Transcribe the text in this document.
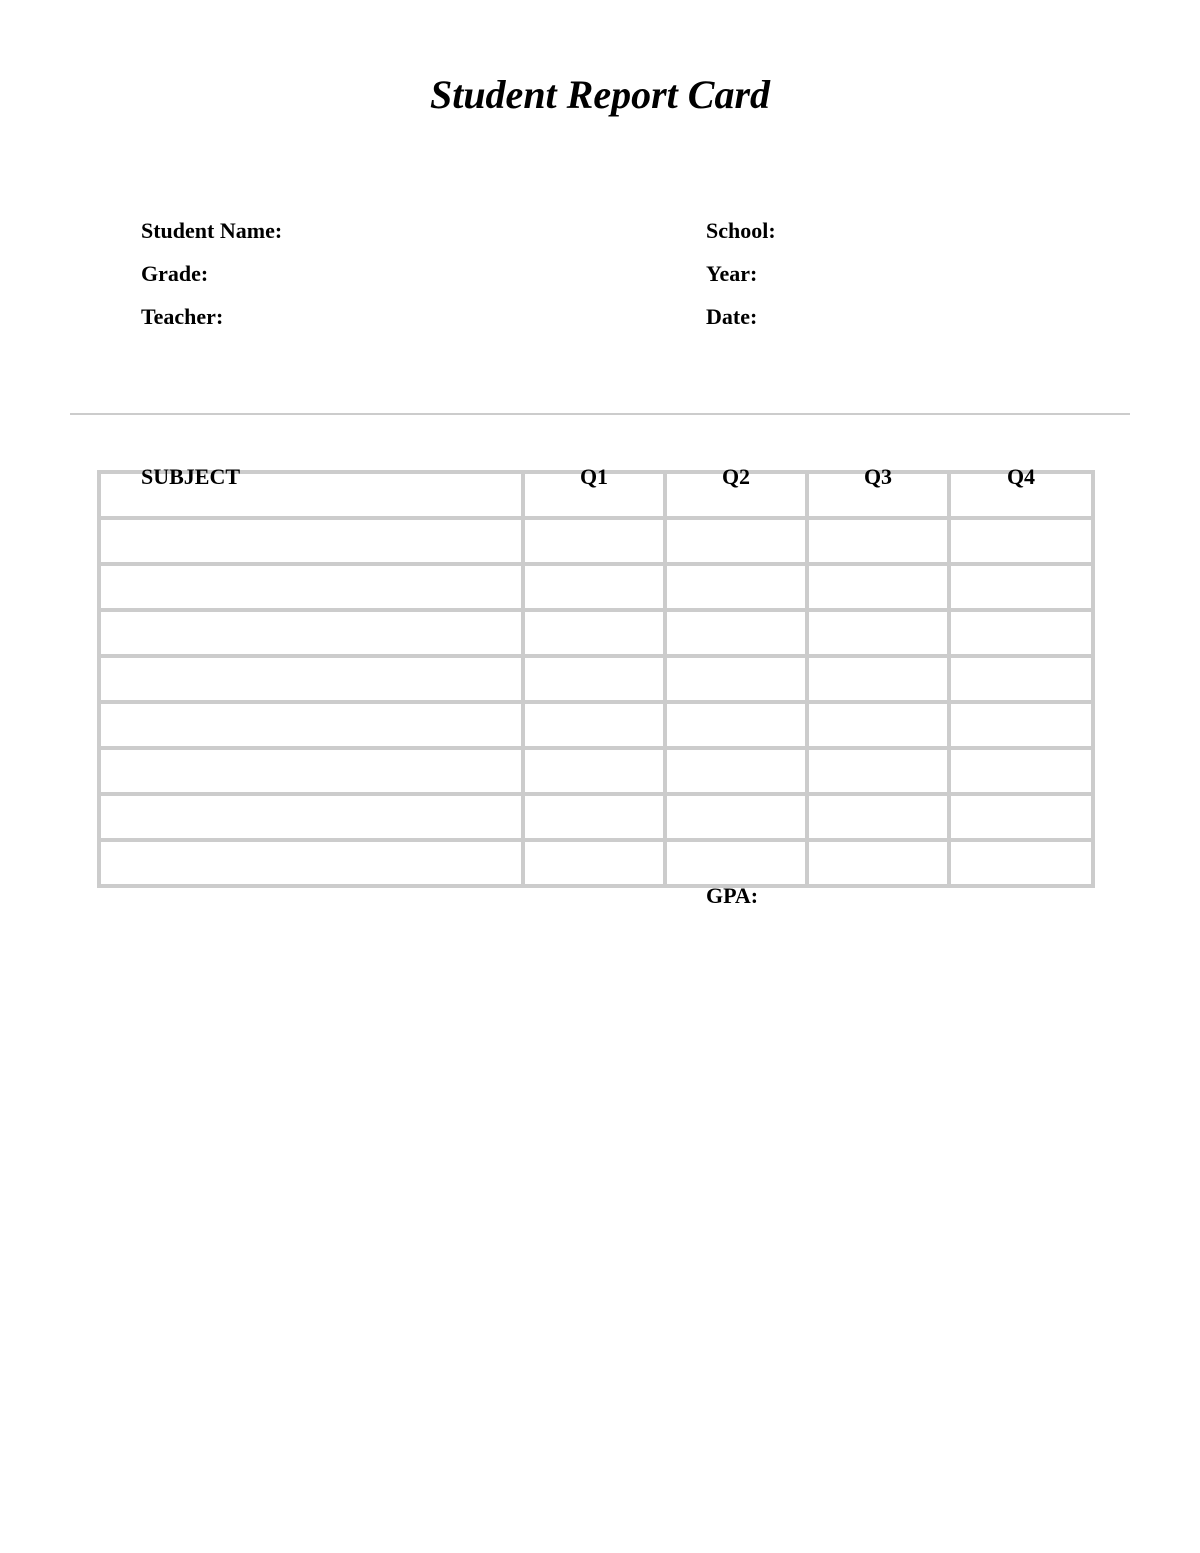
Student Report Card
Student Name:
Grade:
Teacher:
School:
Year:
Date:
SUBJECT	Q1	Q2	Q3	Q4

GPA:
